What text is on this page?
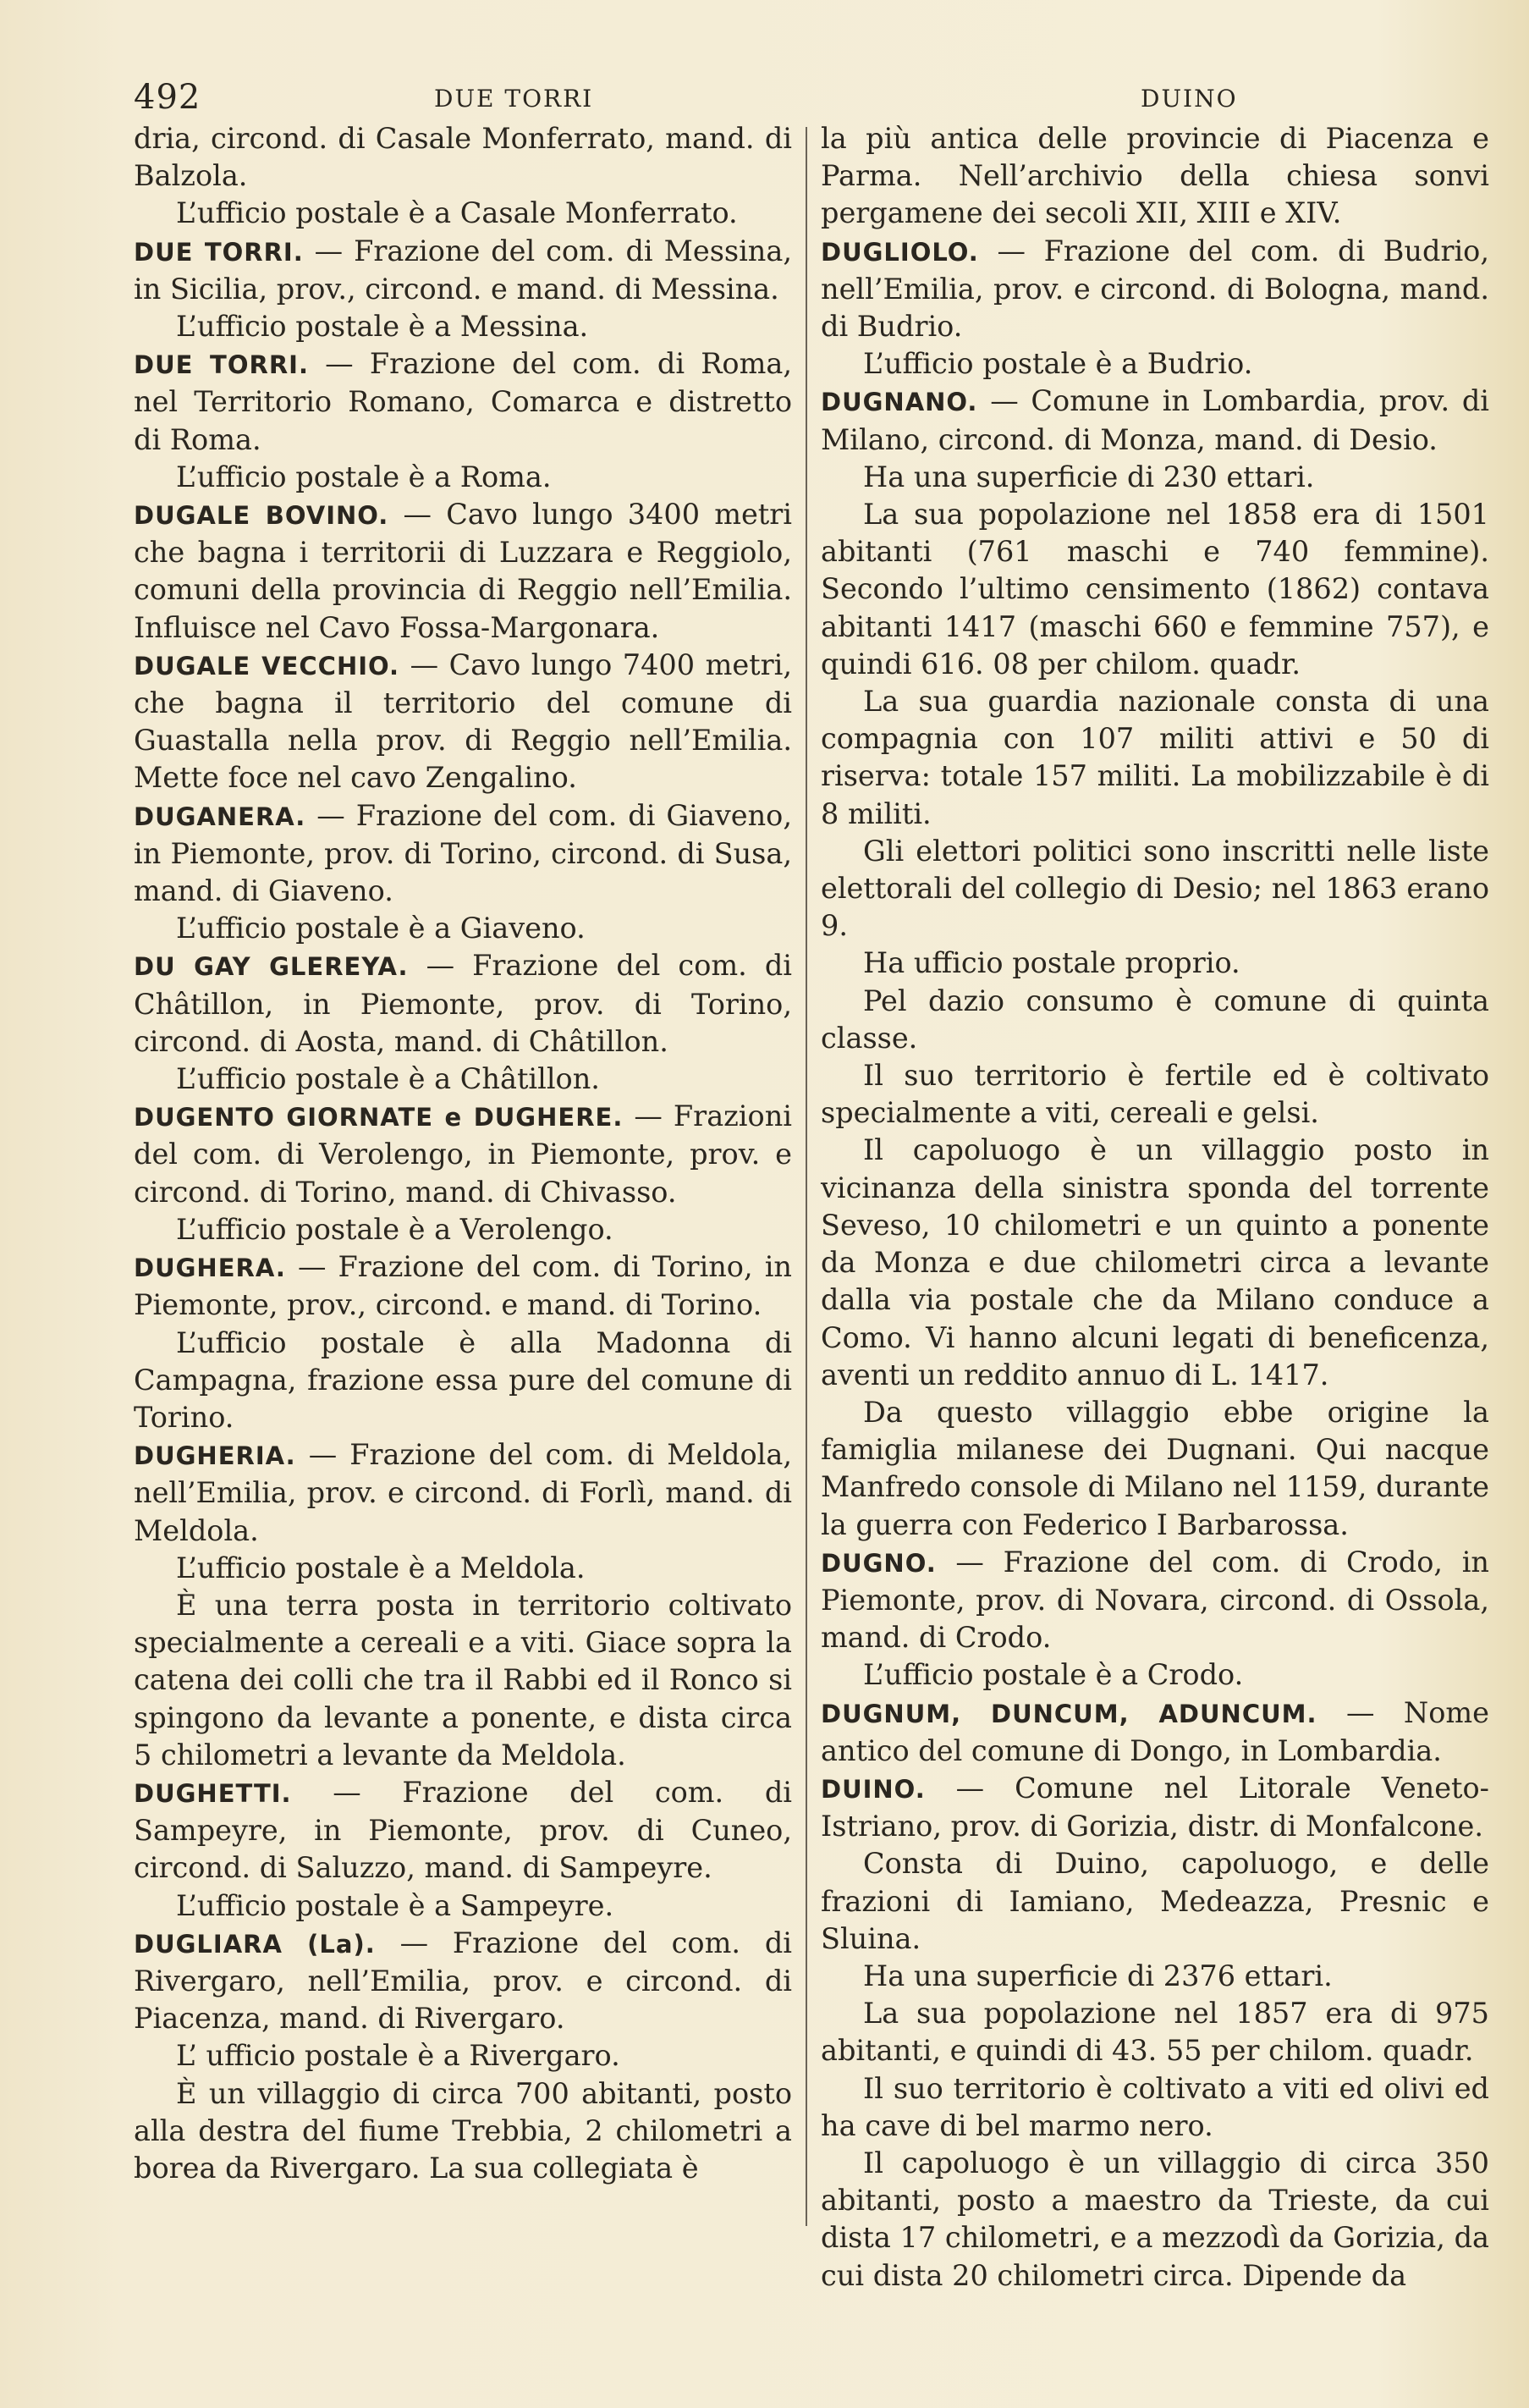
492	DUE TORRI	DUINO

dria, circond. di Casale Monferrato, mand. di Balzola.

L’ufficio postale è a Casale Monferrato.

DUE TORRI. — Frazione del com. di Messina, in Sicilia, prov., circond. e mand. di Messina.

L’ufficio postale è a Messina.

DUE TORRI. — Frazione del com. di Roma, nel Territorio Romano, Comarca e distretto di Roma.

L’ufficio postale è a Roma.

DUGALE BOVINO. — Cavo lungo 3400 metri che bagna i territorii di Luzzara e Reggiolo, comuni della provincia di Reggio nell’Emilia. Influisce nel Cavo Fossa-Margonara.

DUGALE VECCHIO. — Cavo lungo 7400 metri, che bagna il territorio del comune di Guastalla nella prov. di Reggio nell’Emilia. Mette foce nel cavo Zengalino.

DUGANERA. — Frazione del com. di Giaveno, in Piemonte, prov. di Torino, circond. di Susa, mand. di Giaveno.

L’ufficio postale è a Giaveno.

DU GAY GLEREYA. — Frazione del com. di Châtillon, in Piemonte, prov. di Torino, circond. di Aosta, mand. di Châtillon.

L’ufficio postale è a Châtillon.

DUGENTO GIORNATE e DUGHERE. — Frazioni del com. di Verolengo, in Piemonte, prov. e circond. di Torino, mand. di Chivasso.

L’ufficio postale è a Verolengo.

DUGHERA. — Frazione del com. di Torino, in Piemonte, prov., circond. e mand. di Torino.

L’ufficio postale è alla Madonna di Campagna, frazione essa pure del comune di Torino.

DUGHERIA. — Frazione del com. di Meldola, nell’Emilia, prov. e circond. di Forlì, mand. di Meldola.

L’ufficio postale è a Meldola.

È una terra posta in territorio coltivato specialmente a cereali e a viti. Giace sopra la catena dei colli che tra il Rabbi ed il Ronco si spingono da levante a ponente, e dista circa 5 chilometri a levante da Meldola.

DUGHETTI. — Frazione del com. di Sampeyre, in Piemonte, prov. di Cuneo, circond. di Saluzzo, mand. di Sampeyre.

L’ufficio postale è a Sampeyre.

DUGLIARA (La). — Frazione del com. di Rivergaro, nell’Emilia, prov. e circond. di Piacenza, mand. di Rivergaro.

L’ ufficio postale è a Rivergaro.

È un villaggio di circa 700 abitanti, posto alla destra del fiume Trebbia, 2 chilometri a borea da Rivergaro. La sua collegiata è

la più antica delle provincie di Piacenza e Parma. Nell’archivio della chiesa sonvi pergamene dei secoli XII, XIII e XIV.

DUGLIOLO. — Frazione del com. di Budrio, nell’Emilia, prov. e circond. di Bologna, mand. di Budrio.

L’ufficio postale è a Budrio.

DUGNANO. — Comune in Lombardia, prov. di Milano, circond. di Monza, mand. di Desio.

Ha una superficie di 230 ettari.

La sua popolazione nel 1858 era di 1501 abitanti (761 maschi e 740 femmine). Secondo l’ultimo censimento (1862) contava abitanti 1417 (maschi 660 e femmine 757), e quindi 616. 08 per chilom. quadr.

La sua guardia nazionale consta di una compagnia con 107 militi attivi e 50 di riserva: totale 157 militi. La mobilizzabile è di 8 militi.

Gli elettori politici sono inscritti nelle liste elettorali del collegio di Desio; nel 1863 erano 9.

Ha ufficio postale proprio.

Pel dazio consumo è comune di quinta classe.

Il suo territorio è fertile ed è coltivato specialmente a viti, cereali e gelsi.

Il capoluogo è un villaggio posto in vicinanza della sinistra sponda del torrente Seveso, 10 chilometri e un quinto a ponente da Monza e due chilometri circa a levante dalla via postale che da Milano conduce a Como. Vi hanno alcuni legati di beneficenza, aventi un reddito annuo di L. 1417.

Da questo villaggio ebbe origine la famiglia milanese dei Dugnani. Qui nacque Manfredo console di Milano nel 1159, durante la guerra con Federico I Barbarossa.

DUGNO. — Frazione del com. di Crodo, in Piemonte, prov. di Novara, circond. di Ossola, mand. di Crodo.

L’ufficio postale è a Crodo.

DUGNUM, DUNCUM, ADUNCUM. — Nome antico del comune di Dongo, in Lombardia.

DUINO. — Comune nel Litorale Veneto-Istriano, prov. di Gorizia, distr. di Monfalcone.

Consta di Duino, capoluogo, e delle frazioni di Iamiano, Medeazza, Presnic e Sluina.

Ha una superficie di 2376 ettari.

La sua popolazione nel 1857 era di 975 abitanti, e quindi di 43. 55 per chilom. quadr.

Il suo territorio è coltivato a viti ed olivi ed ha cave di bel marmo nero.

Il capoluogo è un villaggio di circa 350 abitanti, posto a maestro da Trieste, da cui dista 17 chilometri, e a mezzodì da Gorizia, da cui dista 20 chilometri circa. Dipende da
